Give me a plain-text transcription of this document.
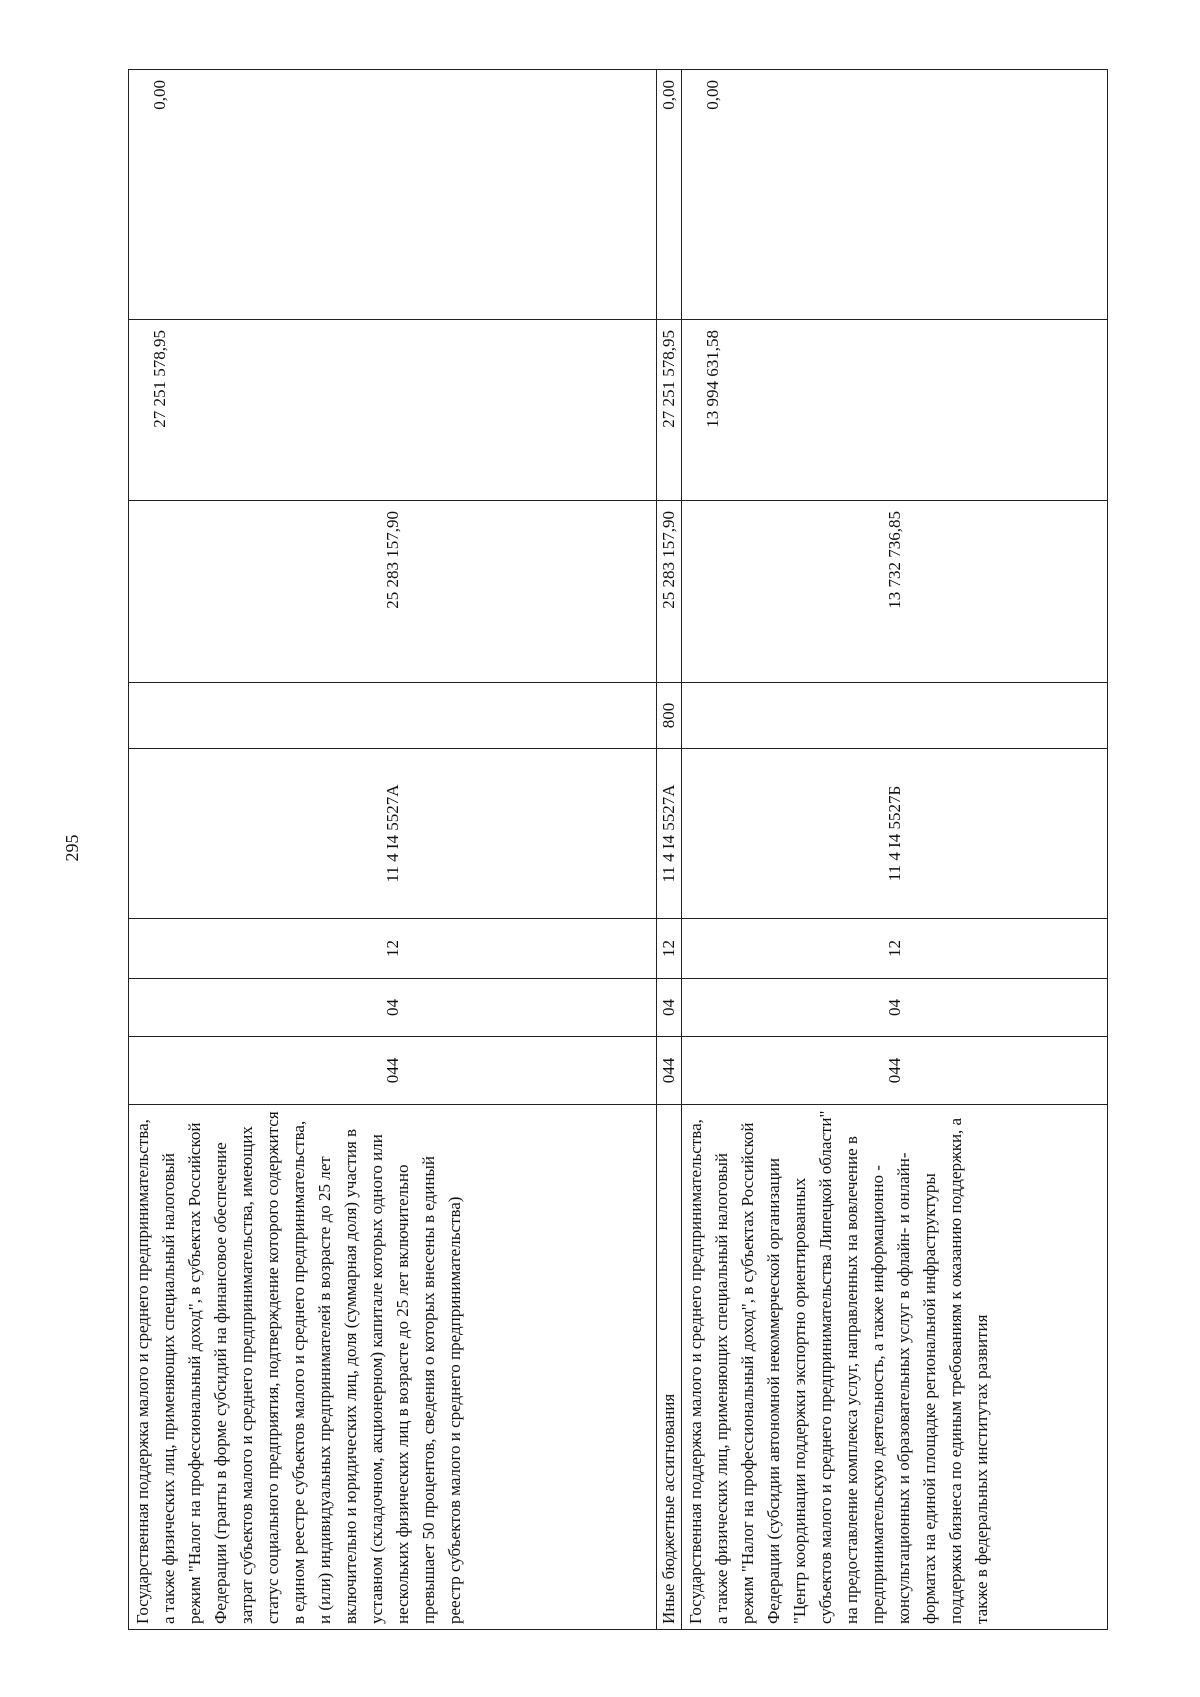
295
Государственная поддержка малого и среднего предпринимательства, а также физических лиц, применяющих специальный налоговый режим "Налог на профессиональный доход", в субъектах Российской Федерации (гранты в форме субсидий на финансовое обеспечение затрат субъектов малого и среднего предпринимательства, имеющих статус социального предприятия, подтверждение которого содержится в едином реестре субъектов малого и среднего предпринимательства, и (или) индивидуальных предпринимателей в возрасте до 25 лет включительно и юридических лиц, доля (суммарная доля) участия в уставном (складочном, акционерном) капитале которых одного или нескольких физических лиц в возрасте до 25 лет включительно превышает 50 процентов, сведения о которых внесены в единый реестр субъектов малого и среднего предпринимательства)	044	04	12	11 4 I4 5527A		25 283 157,90	27 251 578,95	0,00
Иные бюджетные ассигнования	044	04	12	11 4 I4 5527A	800	25 283 157,90	27 251 578,95	0,00
Государственная поддержка малого и среднего предпринимательства, а также физических лиц, применяющих специальный налоговый режим "Налог на профессиональный доход", в субъектах Российской Федерации (субсидии автономной некоммерческой организации "Центр координации поддержки экспортно ориентированных субъектов малого и среднего предпринимательства Липецкой области" на предоставление комплекса услуг, направленных на вовлечение в предпринимательскую деятельность, а также информационно - консультационных и образовательных услуг в офлайн- и онлайн-форматах на единой площадке региональной инфраструктуры поддержки бизнеса по единым требованиям к оказанию поддержки, а также в федеральных институтах развития	044	04	12	11 4 I4 5527Б		13 732 736,85	13 994 631,58	0,00
